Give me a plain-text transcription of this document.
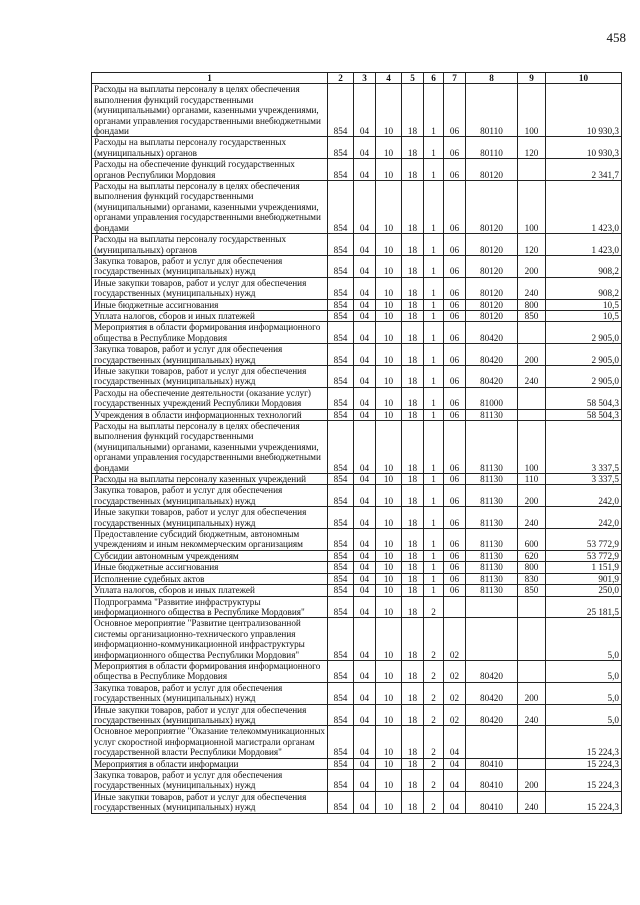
458
1	2	3	4	5	6	7	8	9	10
Расходы на выплаты персоналу в целях обеспечения выполнения функций государственными (муниципальными) органами, казенными учреждениями, органами управления государственными внебюджетными фондами	854	04	10	18	1	06	80110	100	10 930,3
Расходы на выплаты персоналу государственных (муниципальных) органов	854	04	10	18	1	06	80110	120	10 930,3
Расходы на обеспечение функций государственных органов Республики Мордовия	854	04	10	18	1	06	80120		2 341,7
Расходы на выплаты персоналу в целях обеспечения выполнения функций государственными (муниципальными) органами, казенными учреждениями, органами управления государственными внебюджетными фондами	854	04	10	18	1	06	80120	100	1 423,0
Расходы на выплаты персоналу государственных (муниципальных) органов	854	04	10	18	1	06	80120	120	1 423,0
Закупка товаров, работ и услуг для обеспечения государственных (муниципальных) нужд	854	04	10	18	1	06	80120	200	908,2
Иные закупки товаров, работ и услуг для обеспечения государственных (муниципальных) нужд	854	04	10	18	1	06	80120	240	908,2
Иные бюджетные ассигнования	854	04	10	18	1	06	80120	800	10,5
Уплата налогов, сборов и иных платежей	854	04	10	18	1	06	80120	850	10,5
Мероприятия в области формирования информационного общества в Республике Мордовия	854	04	10	18	1	06	80420		2 905,0
Закупка товаров, работ и услуг для обеспечения государственных (муниципальных) нужд	854	04	10	18	1	06	80420	200	2 905,0
Иные закупки товаров, работ и услуг для обеспечения государственных (муниципальных) нужд	854	04	10	18	1	06	80420	240	2 905,0
Расходы на обеспечение деятельности (оказание услуг) государственных учреждений Республики Мордовия	854	04	10	18	1	06	81000		58 504,3
Учреждения в области информационных технологий	854	04	10	18	1	06	81130		58 504,3
Расходы на выплаты персоналу в целях обеспечения выполнения функций государственными (муниципальными) органами, казенными учреждениями, органами управления государственными внебюджетными фондами	854	04	10	18	1	06	81130	100	3 337,5
Расходы на выплаты персоналу казенных учреждений	854	04	10	18	1	06	81130	110	3 337,5
Закупка товаров, работ и услуг для обеспечения государственных (муниципальных) нужд	854	04	10	18	1	06	81130	200	242,0
Иные закупки товаров, работ и услуг для обеспечения государственных (муниципальных) нужд	854	04	10	18	1	06	81130	240	242,0
Предоставление субсидий бюджетным, автономным учреждениям и иным некоммерческим организациям	854	04	10	18	1	06	81130	600	53 772,9
Субсидии автономным учреждениям	854	04	10	18	1	06	81130	620	53 772,9
Иные бюджетные ассигнования	854	04	10	18	1	06	81130	800	1 151,9
Исполнение судебных актов	854	04	10	18	1	06	81130	830	901,9
Уплата налогов, сборов и иных платежей	854	04	10	18	1	06	81130	850	250,0
Подпрограмма "Развитие инфраструктуры информационного общества в Республике Мордовия"	854	04	10	18	2				25 181,5
Основное мероприятие "Развитие централизованной системы организационно-технического управления информационно-коммуникационной инфраструктуры информационного общества Республики Мордовия"	854	04	10	18	2	02			5,0
Мероприятия в области формирования информационного общества в Республике Мордовия	854	04	10	18	2	02	80420		5,0
Закупка товаров, работ и услуг для обеспечения государственных (муниципальных) нужд	854	04	10	18	2	02	80420	200	5,0
Иные закупки товаров, работ и услуг для обеспечения государственных (муниципальных) нужд	854	04	10	18	2	02	80420	240	5,0
Основное мероприятие "Оказание телекоммуникационных услуг скоростной информационной магистрали органам государственной власти Республики Мордовия"	854	04	10	18	2	04			15 224,3
Мероприятия в области информации	854	04	10	18	2	04	80410		15 224,3
Закупка товаров, работ и услуг для обеспечения государственных (муниципальных) нужд	854	04	10	18	2	04	80410	200	15 224,3
Иные закупки товаров, работ и услуг для обеспечения государственных (муниципальных) нужд	854	04	10	18	2	04	80410	240	15 224,3
